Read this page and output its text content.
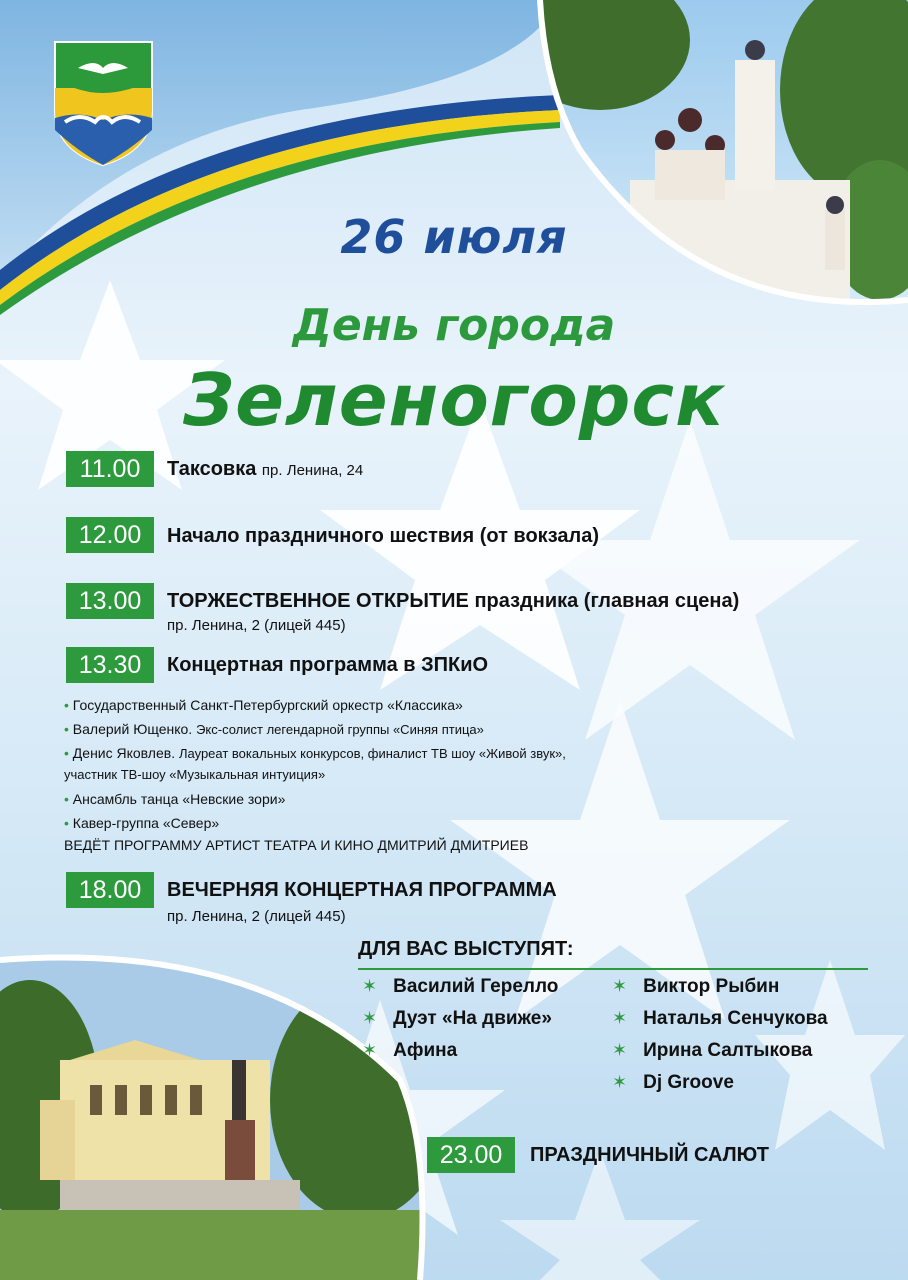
26 июля
День города
Зеленогорск
11.00	Таксовка пр. Ленина, 24
12.00	Начало праздничного шествия (от вокзала)
13.00	ТОРЖЕСТВЕННОЕ ОТКРЫТИЕ праздника (главная сцена)
пр. Ленина, 2 (лицей 445)
13.30	Концертная программа в ЗПКиО
• Государственный Санкт-Петербургский оркестр «Классика»
• Валерий Ющенко. Экс-солист легендарной группы «Синяя птица»
• Денис Яковлев. Лауреат вокальных конкурсов, финалист ТВ шоу «Живой звук»,
участник ТВ-шоу «Музыкальная интуиция»
• Ансамбль танца «Невские зори»
• Кавер-группа «Север»
ВЕДЁТ ПРОГРАММУ АРТИСТ ТЕАТРА И КИНО ДМИТРИЙ ДМИТРИЕВ
18.00	ВЕЧЕРНЯЯ КОНЦЕРТНАЯ ПРОГРАММА
пр. Ленина, 2 (лицей 445)
ДЛЯ ВАС ВЫСТУПЯТ:
✶ Василий Герелло
✶ Дуэт «На движе»
✶ Афина
✶ Виктор Рыбин
✶ Наталья Сенчукова
✶ Ирина Салтыкова
✶ Dj Groove
23.00	ПРАЗДНИЧНЫЙ САЛЮТ
